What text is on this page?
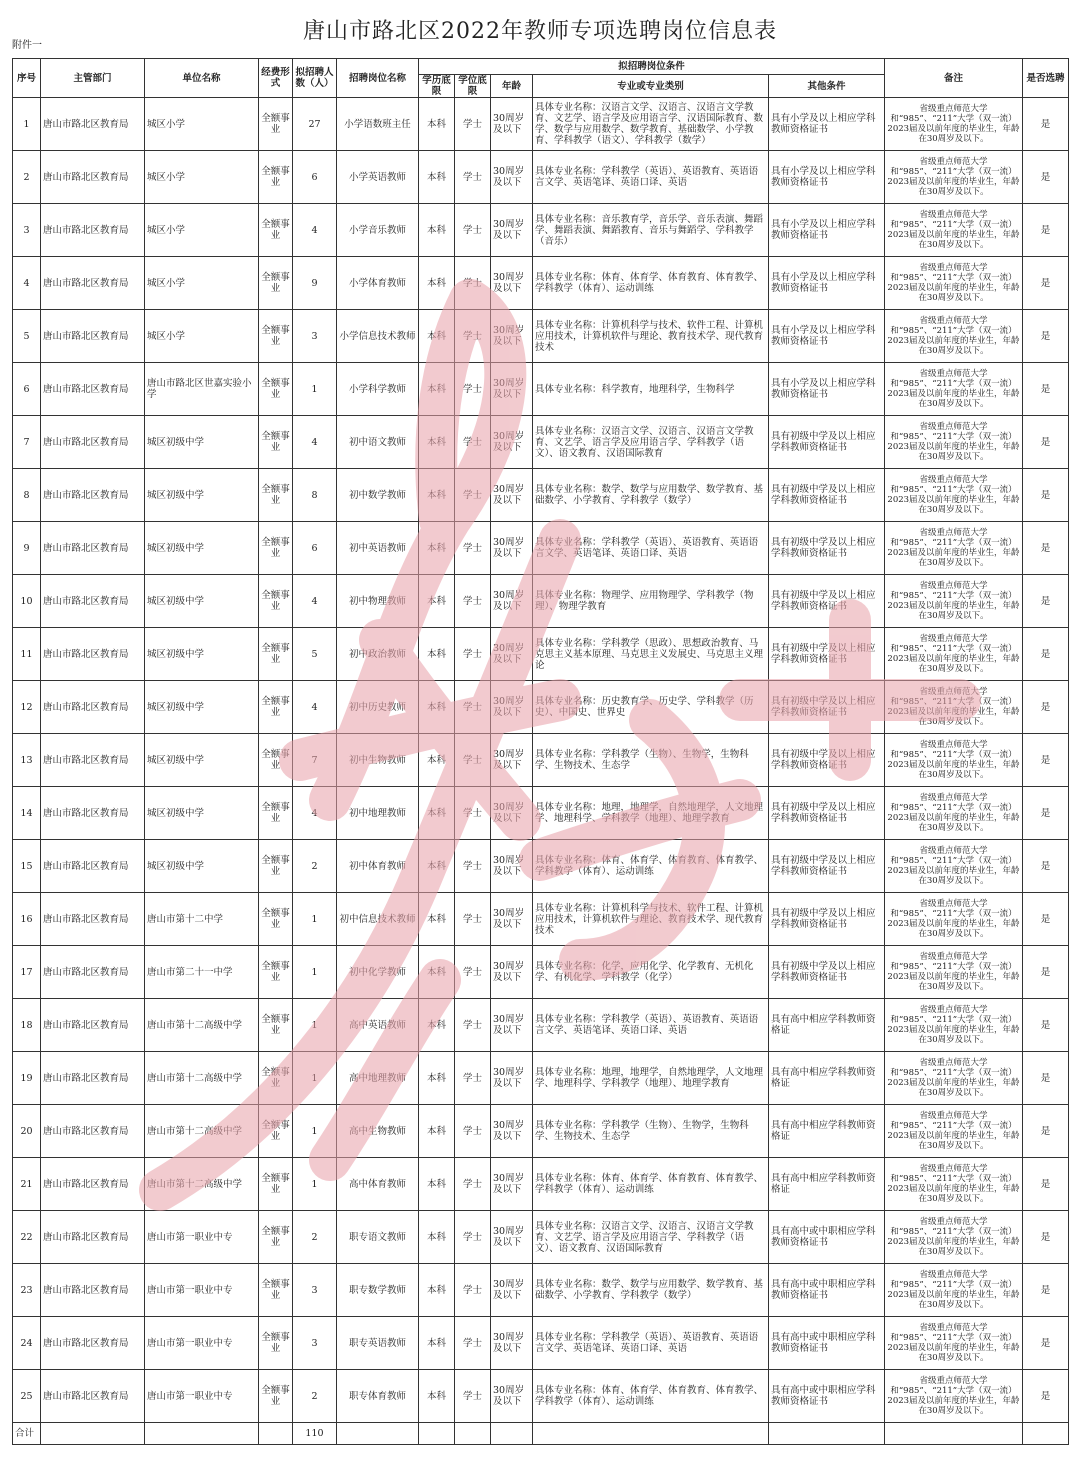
唐山市路北区2022年教师专项选聘岗位信息表
附件一
序号	主管部门	单位名称	经费形式	拟招聘人数（人）	招聘岗位名称	拟招聘岗位条件					备注	是否选聘
						学历底限	学位底限	年龄	专业或专业类别	其他条件		
1	唐山市路北区教育局	城区小学	全额事业	27	小学语数班主任	本科	学士	30周岁及以下	具体专业名称：汉语言文学、汉语言、汉语言文学教育、文艺学、语言学及应用语言学、汉语国际教育、数学、数学与应用数学、数学教育、基础数学、小学教育、学科教学（语文）、学科教学（数学）	具有小学及以上相应学科教师资格证书	省级重点师范大学和“985”、“211”大学（双一流）2023届及以前年度的毕业生，年龄在30周岁及以下。	是
2	唐山市路北区教育局	城区小学	全额事业	6	小学英语教师	本科	学士	30周岁及以下	具体专业名称：学科教学（英语）、英语教育、英语语言文学、英语笔译、英语口译、英语	具有小学及以上相应学科教师资格证书	省级重点师范大学和“985”、“211”大学（双一流）2023届及以前年度的毕业生，年龄在30周岁及以下。	是
3	唐山市路北区教育局	城区小学	全额事业	4	小学音乐教师	本科	学士	30周岁及以下	具体专业名称：音乐教育学，音乐学、音乐表演、舞蹈学、舞蹈表演、舞蹈教育、音乐与舞蹈学、学科教学（音乐）	具有小学及以上相应学科教师资格证书	省级重点师范大学和“985”、“211”大学（双一流）2023届及以前年度的毕业生，年龄在30周岁及以下。	是
4	唐山市路北区教育局	城区小学	全额事业	9	小学体育教师	本科	学士	30周岁及以下	具体专业名称：体育、体育学、体育教育、体育教学、学科教学（体育）、运动训练	具有小学及以上相应学科教师资格证书	省级重点师范大学和“985”、“211”大学（双一流）2023届及以前年度的毕业生，年龄在30周岁及以下。	是
5	唐山市路北区教育局	城区小学	全额事业	3	小学信息技术教师	本科	学士	30周岁及以下	具体专业名称：计算机科学与技术、软件工程、计算机应用技术，计算机软件与理论、教育技术学、现代教育技术	具有小学及以上相应学科教师资格证书	省级重点师范大学和“985”、“211”大学（双一流）2023届及以前年度的毕业生，年龄在30周岁及以下。	是
6	唐山市路北区教育局	唐山市路北区世嘉实验小学	全额事业	1	小学科学教师	本科	学士	30周岁及以下	具体专业名称：科学教育，地理科学，生物科学	具有小学及以上相应学科教师资格证书	省级重点师范大学和“985”、“211”大学（双一流）2023届及以前年度的毕业生，年龄在30周岁及以下。	是
7	唐山市路北区教育局	城区初级中学	全额事业	4	初中语文教师	本科	学士	30周岁及以下	具体专业名称：汉语言文学、汉语言、汉语言文学教育、文艺学、语言学及应用语言学、学科教学（语文）、语文教育、汉语国际教育	具有初级中学及以上相应学科教师资格证书	省级重点师范大学和“985”、“211”大学（双一流）2023届及以前年度的毕业生，年龄在30周岁及以下。	是
8	唐山市路北区教育局	城区初级中学	全额事业	8	初中数学教师	本科	学士	30周岁及以下	具体专业名称：数学、数学与应用数学、数学教育、基础数学、小学教育、学科教学（数学）	具有初级中学及以上相应学科教师资格证书	省级重点师范大学和“985”、“211”大学（双一流）2023届及以前年度的毕业生，年龄在30周岁及以下。	是
9	唐山市路北区教育局	城区初级中学	全额事业	6	初中英语教师	本科	学士	30周岁及以下	具体专业名称：学科教学（英语）、英语教育、英语语言文学、英语笔译、英语口译、英语	具有初级中学及以上相应学科教师资格证书	省级重点师范大学和“985”、“211”大学（双一流）2023届及以前年度的毕业生，年龄在30周岁及以下。	是
10	唐山市路北区教育局	城区初级中学	全额事业	4	初中物理教师	本科	学士	30周岁及以下	具体专业名称：物理学、应用物理学、学科教学（物理）、物理学教育	具有初级中学及以上相应学科教师资格证书	省级重点师范大学和“985”、“211”大学（双一流）2023届及以前年度的毕业生，年龄在30周岁及以下。	是
11	唐山市路北区教育局	城区初级中学	全额事业	5	初中政治教师	本科	学士	30周岁及以下	具体专业名称：学科教学（思政）、思想政治教育、马克思主义基本原理、马克思主义发展史、马克思主义理论	具有初级中学及以上相应学科教师资格证书	省级重点师范大学和“985”、“211”大学（双一流）2023届及以前年度的毕业生，年龄在30周岁及以下。	是
12	唐山市路北区教育局	城区初级中学	全额事业	4	初中历史教师	本科	学士	30周岁及以下	具体专业名称：历史教育学、历史学、学科教学（历史）、中国史、世界史	具有初级中学及以上相应学科教师资格证书	省级重点师范大学和“985”、“211”大学（双一流）2023届及以前年度的毕业生，年龄在30周岁及以下。	是
13	唐山市路北区教育局	城区初级中学	全额事业	7	初中生物教师	本科	学士	30周岁及以下	具体专业名称：学科教学（生物）、生物学，生物科学、生物技术、生态学	具有初级中学及以上相应学科教师资格证书	省级重点师范大学和“985”、“211”大学（双一流）2023届及以前年度的毕业生，年龄在30周岁及以下。	是
14	唐山市路北区教育局	城区初级中学	全额事业	4	初中地理教师	本科	学士	30周岁及以下	具体专业名称：地理，地理学，自然地理学，人文地理学、地理科学、学科教学（地理）、地理学教育	具有初级中学及以上相应学科教师资格证书	省级重点师范大学和“985”、“211”大学（双一流）2023届及以前年度的毕业生，年龄在30周岁及以下。	是
15	唐山市路北区教育局	城区初级中学	全额事业	2	初中体育教师	本科	学士	30周岁及以下	具体专业名称：体育、体育学、体育教育、体育教学、学科教学（体育）、运动训练	具有初级中学及以上相应学科教师资格证书	省级重点师范大学和“985”、“211”大学（双一流）2023届及以前年度的毕业生，年龄在30周岁及以下。	是
16	唐山市路北区教育局	唐山市第十二中学	全额事业	1	初中信息技术教师	本科	学士	30周岁及以下	具体专业名称：计算机科学与技术、软件工程、计算机应用技术，计算机软件与理论、教育技术学、现代教育技术	具有初级中学及以上相应学科教师资格证书	省级重点师范大学和“985”、“211”大学（双一流）2023届及以前年度的毕业生，年龄在30周岁及以下。	是
17	唐山市路北区教育局	唐山市第二十一中学	全额事业	1	初中化学教师	本科	学士	30周岁及以下	具体专业名称：化学，应用化学、化学教育、无机化学、有机化学、学科教学（化学）	具有初级中学及以上相应学科教师资格证书	省级重点师范大学和“985”、“211”大学（双一流）2023届及以前年度的毕业生，年龄在30周岁及以下。	是
18	唐山市路北区教育局	唐山市第十二高级中学	全额事业	1	高中英语教师	本科	学士	30周岁及以下	具体专业名称：学科教学（英语）、英语教育、英语语言文学、英语笔译、英语口译、英语	具有高中相应学科教师资格证	省级重点师范大学和“985”、“211”大学（双一流）2023届及以前年度的毕业生，年龄在30周岁及以下。	是
19	唐山市路北区教育局	唐山市第十二高级中学	全额事业	1	高中地理教师	本科	学士	30周岁及以下	具体专业名称：地理，地理学，自然地理学，人文地理学、地理科学、学科教学（地理）、地理学教育	具有高中相应学科教师资格证	省级重点师范大学和“985”、“211”大学（双一流）2023届及以前年度的毕业生，年龄在30周岁及以下。	是
20	唐山市路北区教育局	唐山市第十二高级中学	全额事业	1	高中生物教师	本科	学士	30周岁及以下	具体专业名称：学科教学（生物）、生物学，生物科学、生物技术、生态学	具有高中相应学科教师资格证	省级重点师范大学和“985”、“211”大学（双一流）2023届及以前年度的毕业生，年龄在30周岁及以下。	是
21	唐山市路北区教育局	唐山市第十二高级中学	全额事业	1	高中体育教师	本科	学士	30周岁及以下	具体专业名称：体育、体育学、体育教育、体育教学、学科教学（体育）、运动训练	具有高中相应学科教师资格证	省级重点师范大学和“985”、“211”大学（双一流）2023届及以前年度的毕业生，年龄在30周岁及以下。	是
22	唐山市路北区教育局	唐山市第一职业中专	全额事业	2	职专语文教师	本科	学士	30周岁及以下	具体专业名称：汉语言文学、汉语言、汉语言文学教育、文艺学、语言学及应用语言学、学科教学（语文）、语文教育、汉语国际教育	具有高中或中职相应学科教师资格证书	省级重点师范大学和“985”、“211”大学（双一流）2023届及以前年度的毕业生，年龄在30周岁及以下。	是
23	唐山市路北区教育局	唐山市第一职业中专	全额事业	3	职专数学教师	本科	学士	30周岁及以下	具体专业名称：数学、数学与应用数学、数学教育、基础数学、小学教育、学科教学（数学）	具有高中或中职相应学科教师资格证书	省级重点师范大学和“985”、“211”大学（双一流）2023届及以前年度的毕业生，年龄在30周岁及以下。	是
24	唐山市路北区教育局	唐山市第一职业中专	全额事业	3	职专英语教师	本科	学士	30周岁及以下	具体专业名称：学科教学（英语）、英语教育、英语语言文学、英语笔译、英语口译、英语	具有高中或中职相应学科教师资格证书	省级重点师范大学和“985”、“211”大学（双一流）2023届及以前年度的毕业生，年龄在30周岁及以下。	是
25	唐山市路北区教育局	唐山市第一职业中专	全额事业	2	职专体育教师	本科	学士	30周岁及以下	具体专业名称：体育、体育学、体育教育、体育教学、学科教学（体育）、运动训练	具有高中或中职相应学科教师资格证书	省级重点师范大学和“985”、“211”大学（双一流）2023届及以前年度的毕业生，年龄在30周岁及以下。	是
合计				110								
